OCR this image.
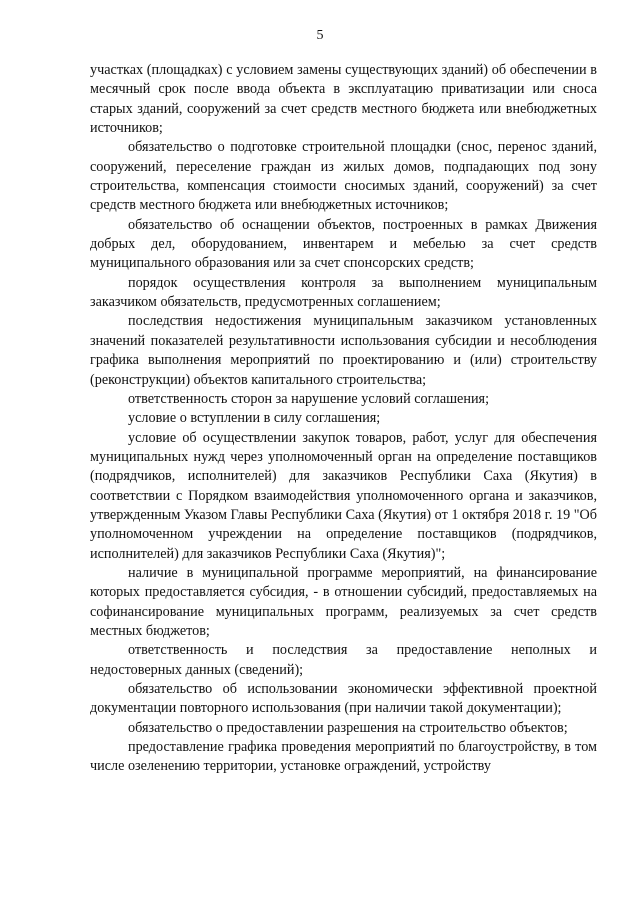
5

участках (площадках) с условием замены существующих зданий) об обеспечении в месячный срок после ввода объекта в эксплуатацию приватизации или сноса старых зданий, сооружений за счет средств местного бюджета или внебюджетных источников;

обязательство о подготовке строительной площадки (снос, перенос зданий, сооружений, переселение граждан из жилых домов, подпадающих под зону строительства, компенсация стоимости сносимых зданий, сооружений) за счет средств местного бюджета или внебюджетных источников;

обязательство об оснащении объектов, построенных в рамках Движения добрых дел, оборудованием, инвентарем и мебелью за счет средств муниципального образования или за счет спонсорских средств;

порядок осуществления контроля за выполнением муниципальным заказчиком обязательств, предусмотренных соглашением;

последствия недостижения муниципальным заказчиком установленных значений показателей результативности использования субсидии и несоблюдения графика выполнения мероприятий по проектированию и (или) строительству (реконструкции) объектов капитального строительства;

ответственность сторон за нарушение условий соглашения;

условие о вступлении в силу соглашения;

условие об осуществлении закупок товаров, работ, услуг для обеспечения муниципальных нужд через уполномоченный орган на определение поставщиков (подрядчиков, исполнителей) для заказчиков Республики Саха (Якутия) в соответствии с Порядком взаимодействия уполномоченного органа и заказчиков, утвержденным Указом Главы Республики Саха (Якутия) от 1 октября 2018 г. 19 "Об уполномоченном учреждении на определение поставщиков (подрядчиков, исполнителей) для заказчиков Республики Саха (Якутия)";

наличие в муниципальной программе мероприятий, на финансирование которых предоставляется субсидия, - в отношении субсидий, предоставляемых на софинансирование муниципальных программ, реализуемых за счет средств местных бюджетов;

ответственность и последствия за предоставление неполных и недостоверных данных (сведений);

обязательство об использовании экономически эффективной проектной документации повторного использования (при наличии такой документации);

обязательство о предоставлении разрешения на строительство объектов;

предоставление графика проведения мероприятий по благоустройству, в том числе озеленению территории, установке ограждений, устройству
